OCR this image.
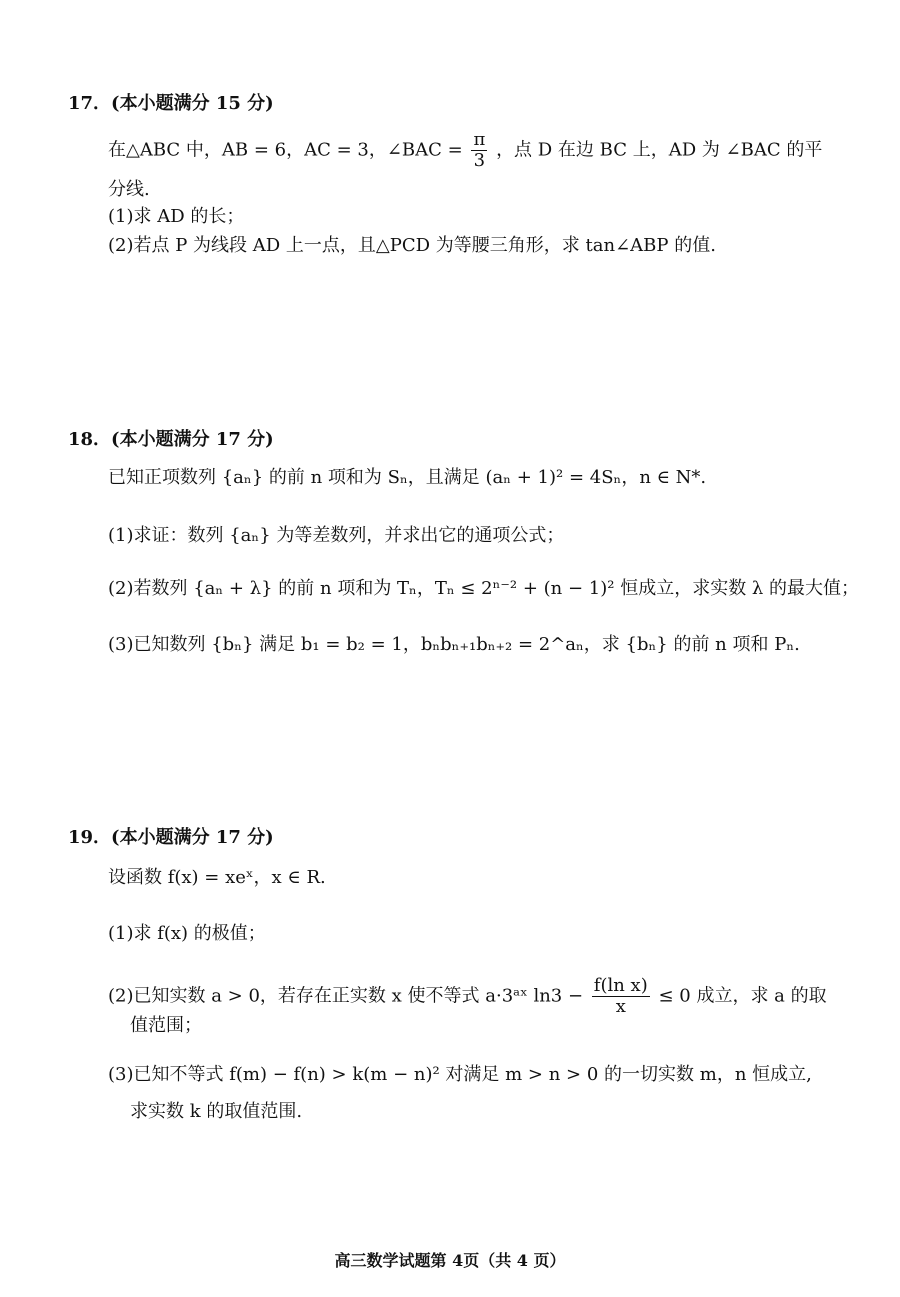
17．(本小题满分 15 分)
在△ABC 中，AB = 6，AC = 3，∠BAC = $\frac{\pi}{3}$ ，点 D 在边 BC 上，AD 为 ∠BAC 的平
分线.
(1)求 AD 的长；
(2)若点 P 为线段 AD 上一点，且△PCD 为等腰三角形，求 tan∠ABP 的值.
18．(本小题满分 17 分)
已知正项数列 {aₙ} 的前 n 项和为 Sₙ，且满足 (aₙ + 1)² = 4Sₙ，n ∈ N*.
(1)求证：数列 {aₙ} 为等差数列，并求出它的通项公式；
(2)若数列 {aₙ + λ} 的前 n 项和为 Tₙ，Tₙ ≤ 2ⁿ⁻² + (n − 1)² 恒成立，求实数 λ 的最大值；
(3)已知数列 {bₙ} 满足 b₁ = b₂ = 1，bₙbₙ₊₁bₙ₊₂ = 2^aₙ，求 {bₙ} 的前 n 项和 Pₙ.
19．(本小题满分 17 分)
设函数 f(x) = xeˣ，x ∈ R.
(1)求 f(x) 的极值；
(2)已知实数 a > 0，若存在正实数 x 使不等式 a·3ᵃˣ $\ln 3 - \frac{\text{f(ln x)}}{x} \le 0$ 成立，求 a 的取
值范围；
(3)已知不等式 f(m) − f(n) > k(m − n)² 对满足 m > n > 0 的一切实数 m，n 恒成立,
求实数 k 的取值范围.
高三数学试题第 4页（共 4 页）
